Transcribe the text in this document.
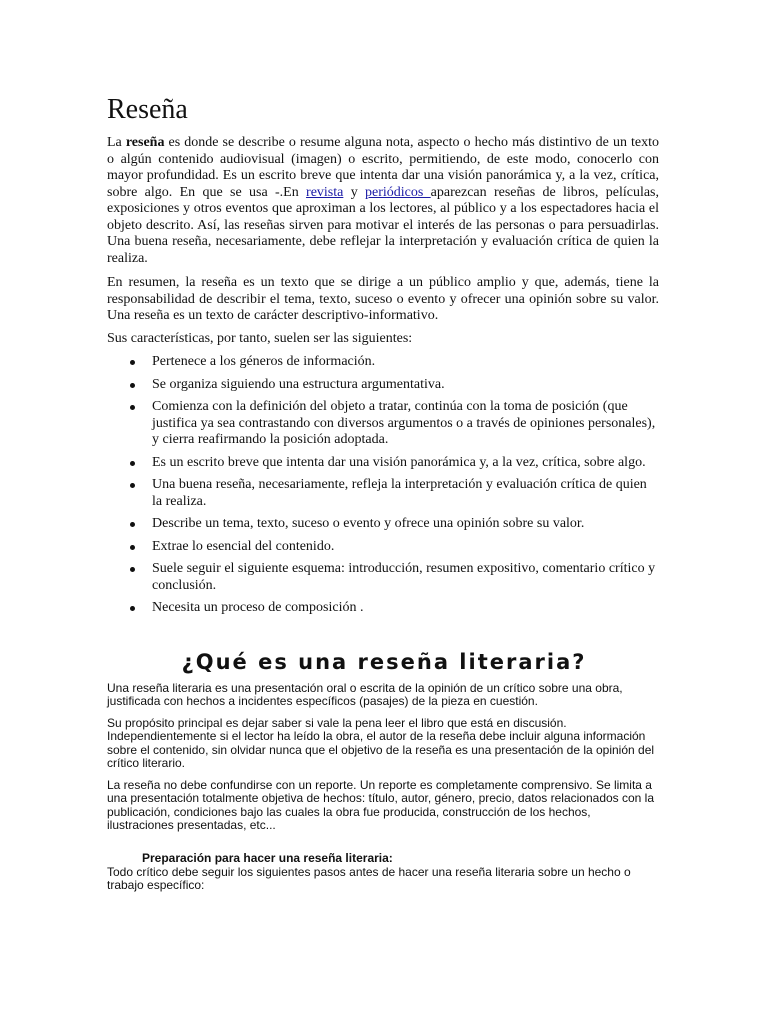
Reseña

La reseña es donde se describe o resume alguna nota, aspecto o hecho más distintivo de un texto o algún contenido audiovisual (imagen) o escrito, permitiendo, de este modo, conocerlo con mayor profundidad. Es un escrito breve que intenta dar una visión panorámica y, a la vez, crítica, sobre algo. En que se usa -.En revista y periódicos aparezcan reseñas de libros, películas, exposiciones y otros eventos que aproximan a los lectores, al público y a los espectadores hacia el objeto descrito. Así, las reseñas sirven para motivar el interés de las personas o para persuadirlas. Una buena reseña, necesariamente, debe reflejar la interpretación y evaluación crítica de quien la realiza.

En resumen, la reseña es un texto que se dirige a un público amplio y que, además, tiene la responsabilidad de describir el tema, texto, suceso o evento y ofrecer una opinión sobre su valor. Una reseña es un texto de carácter descriptivo-informativo.

Sus características, por tanto, suelen ser las siguientes:

Pertenece a los géneros de información.
Se organiza siguiendo una estructura argumentativa.
Comienza con la definición del objeto a tratar, continúa con la toma de posición (que justifica ya sea contrastando con diversos argumentos o a través de opiniones personales), y cierra reafirmando la posición adoptada.
Es un escrito breve que intenta dar una visión panorámica y, a la vez, crítica, sobre algo.
Una buena reseña, necesariamente, refleja la interpretación y evaluación crítica de quien la realiza.
Describe un tema, texto, suceso o evento y ofrece una opinión sobre su valor.
Extrae lo esencial del contenido.
Suele seguir el siguiente esquema: introducción, resumen expositivo, comentario crítico y conclusión.
Necesita un proceso de composición .
¿Qué es una reseña literaria?

Una reseña literaria es una presentación oral o escrita de la opinión de un crítico sobre una obra, justificada con hechos a incidentes específicos (pasajes) de la pieza en cuestión.

Su propósito principal es dejar saber si vale la pena leer el libro que está en discusión. Independientemente si el lector ha leído la obra, el autor de la reseña debe incluir alguna información sobre el contenido, sin olvidar nunca que el objetivo de la reseña es una presentación de la opinión del crítico literario.

La reseña no debe confundirse con un reporte. Un reporte es completamente comprensivo. Se limita a una presentación totalmente objetiva de hechos: título, autor, género, precio, datos relacionados con la publicación, condiciones bajo las cuales la obra fue producida, construcción de los hechos, ilustraciones presentadas, etc...

Preparación para hacer una reseña literaria:

Todo crítico debe seguir los siguientes pasos antes de hacer una reseña literaria sobre un hecho o trabajo específico:
